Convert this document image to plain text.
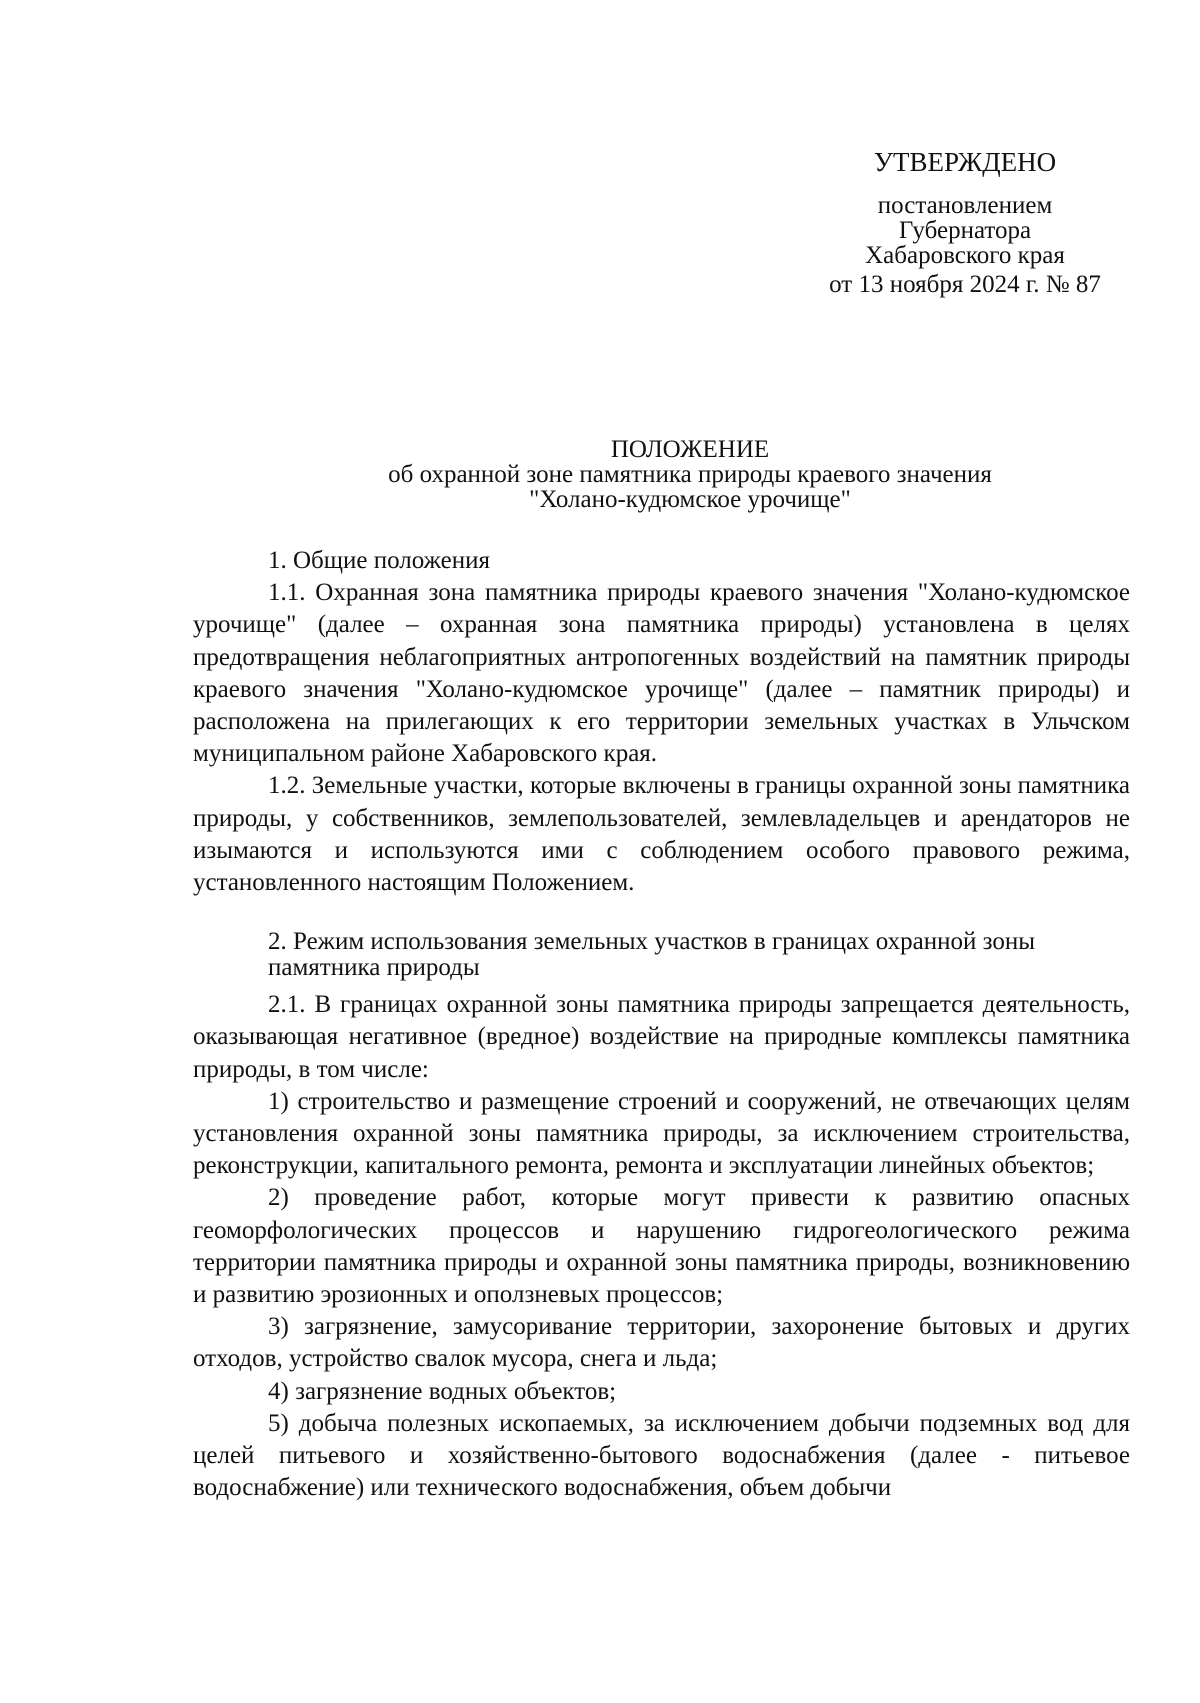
УТВЕРЖДЕНО
постановлением
Губернатора
Хабаровского края
от 13 ноября 2024 г. № 87
ПОЛОЖЕНИЕ
об охранной зоне памятника природы краевого значения
"Холано-кудюмское урочище"
1. Общие положения

1.1. Охранная зона памятника природы краевого значения "Холано-кудюмское урочище" (далее – охранная зона памятника природы) установлена в целях предотвращения неблагоприятных антропогенных воздействий на памятник природы краевого значения "Холано-кудюмское урочище" (далее – памятник природы) и расположена на прилегающих к его территории земельных участках в Ульчском муниципальном районе Хабаровского края.

1.2. Земельные участки, которые включены в границы охранной зоны памятника природы, у собственников, землепользователей, землевладельцев и арендаторов не изымаются и используются ими с соблюдением особого правового режима, установленного настоящим Положением.

2. Режим использования земельных участков в границах охранной зоны
памятника природы

2.1. В границах охранной зоны памятника природы запрещается деятельность, оказывающая негативное (вредное) воздействие на природные комплексы памятника природы, в том числе:

1) строительство и размещение строений и сооружений, не отвечающих целям установления охранной зоны памятника природы, за исключением строительства, реконструкции, капитального ремонта, ремонта и эксплуатации линейных объектов;

2) проведение работ, которые могут привести к развитию опасных геоморфологических процессов и нарушению гидрогеологического режима территории памятника природы и охранной зоны памятника природы, возникновению и развитию эрозионных и оползневых процессов;

3) загрязнение, замусоривание территории, захоронение бытовых и других отходов, устройство свалок мусора, снега и льда;

4) загрязнение водных объектов;

5) добыча полезных ископаемых, за исключением добычи подземных вод для целей питьевого и хозяйственно-бытового водоснабжения (далее - питьевое водоснабжение) или технического водоснабжения, объем добычи
